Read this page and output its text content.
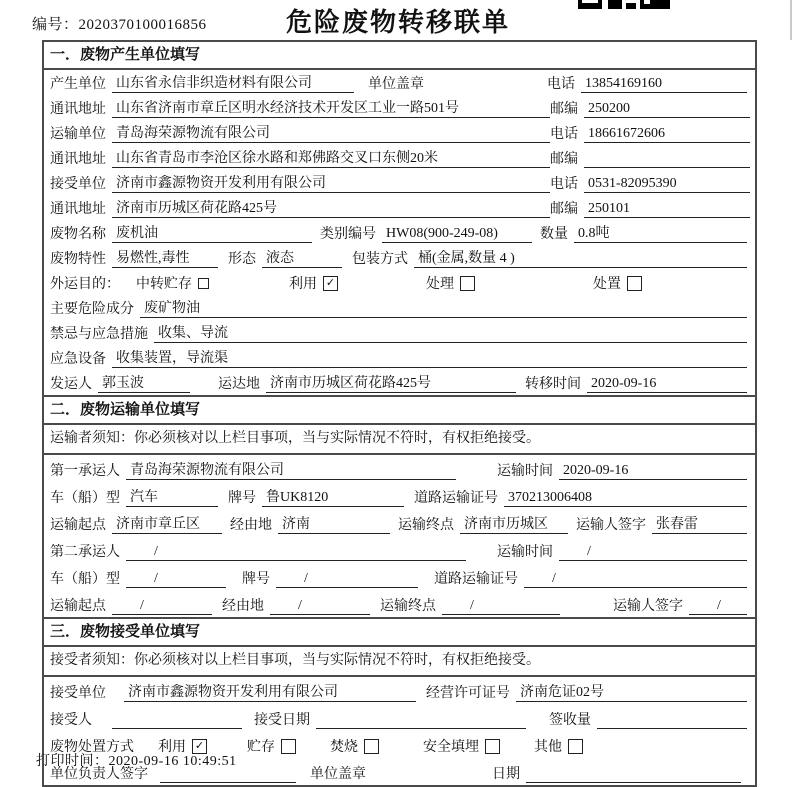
编号：2020370100016856	危险废物转移联单
一．废物产生单位填写
产生单位 山东省永信非织造材料有限公司	单位盖章	电话 13854169160
通讯地址 山东省济南市章丘区明水经济技术开发区工业一路501号	邮编 250200
运输单位 青岛海荣源物流有限公司	电话 18661672606
通讯地址 山东省青岛市李沧区徐水路和郑佛路交叉口东侧20米	邮编
接受单位 济南市鑫源物资开发利用有限公司	电话 0531-82095390
通讯地址 济南市历城区荷花路425号	邮编 250101
废物名称 废机油	类别编号 HW08(900-249-08)	数量 0.8吨
废物特性 易燃性,毒性	形态 液态	包装方式 桶(金属,数量 4 )
外运目的： 中转贮存	利用 ✓	处理	处置
主要危险成分 废矿物油
禁忌与应急措施 收集、导流
应急设备 收集装置，导流渠
发运人 郭玉波	运达地 济南市历城区荷花路425号	转移时间 2020-09-16
二．废物运输单位填写
运输者须知：你必须核对以上栏目事项，当与实际情况不符时，有权拒绝接受。
第一承运人 青岛海荣源物流有限公司	运输时间 2020-09-16
车（船）型 汽车	牌号 鲁UK8120	道路运输证号 370213006408
运输起点 济南市章丘区	经由地 济南	运输终点 济南市历城区	运输人签字 张春雷
第二承运人	/	运输时间	/
车（船）型	/	牌号	/	道路运输证号	/
运输起点	/	经由地	/	运输终点	/	运输人签字	/
三．废物接受单位填写
接受者须知：你必须核对以上栏目事项，当与实际情况不符时，有权拒绝接受。
接受单位 济南市鑫源物资开发利用有限公司	经营许可证号 济南危证02号
接受人	接受日期	签收量
废物处置方式 利用 ✓	贮存	焚烧	安全填埋	其他
单位负责人签字	单位盖章	日期
打印时间：2020-09-16 10:49:51
